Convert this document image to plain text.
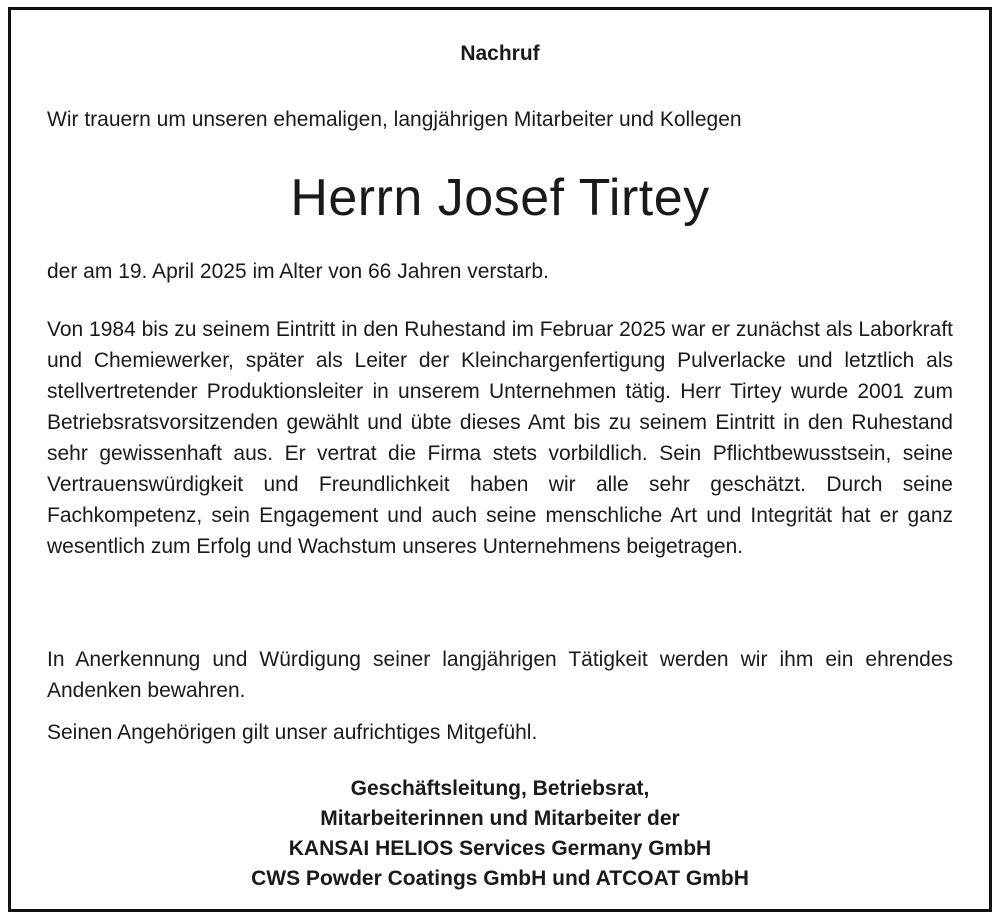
Nachruf

Wir trauern um unseren ehemaligen, langjährigen Mitarbeiter und Kollegen

Herrn Josef Tirtey

der am 19. April 2025 im Alter von 66 Jahren verstarb.

Von 1984 bis zu seinem Eintritt in den Ruhestand im Februar 2025 war er zunächst als Laborkraft und Chemiewerker, später als Leiter der Kleinchargenfertigung Pulverlacke und letztlich als stellvertretender Produktionsleiter in unserem Unternehmen tätig. Herr Tirtey wurde 2001 zum Betriebsratsvorsitzenden gewählt und übte dieses Amt bis zu seinem Eintritt in den Ruhestand sehr gewissenhaft aus. Er vertrat die Firma stets vorbildlich. Sein Pflichtbewusstsein, seine Vertrauenswürdigkeit und Freundlichkeit haben wir alle sehr geschätzt. Durch seine Fachkompetenz, sein Engagement und auch seine menschliche Art und Integrität hat er ganz wesentlich zum Erfolg und Wachstum unseres Unternehmens beigetragen.

In Anerkennung und Würdigung seiner langjährigen Tätigkeit werden wir ihm ein ehrendes Andenken bewahren.

Seinen Angehörigen gilt unser aufrichtiges Mitgefühl.

Geschäftsleitung, Betriebsrat,
Mitarbeiterinnen und Mitarbeiter der
KANSAI HELIOS Services Germany GmbH
CWS Powder Coatings GmbH und ATCOAT GmbH
